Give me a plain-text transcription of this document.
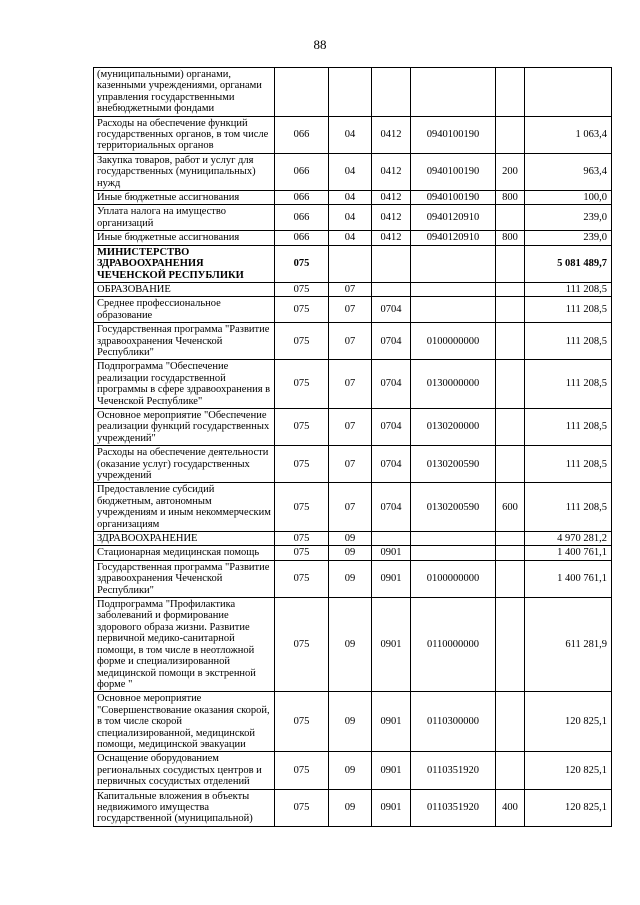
88
(муниципальными) органами, казенными учреждениями, органами управления государственными внебюджетными фондами						
Расходы на обеспечение функций государственных органов, в том числе территориальных органов	066	04	0412	0940100190		1 063,4
Закупка товаров, работ и услуг для государственных (муниципальных) нужд	066	04	0412	0940100190	200	963,4
Иные бюджетные ассигнования	066	04	0412	0940100190	800	100,0
Уплата налога на имущество организаций	066	04	0412	0940120910		239,0
Иные бюджетные ассигнования	066	04	0412	0940120910	800	239,0
МИНИСТЕРСТВО ЗДРАВООХРАНЕНИЯ ЧЕЧЕНСКОЙ РЕСПУБЛИКИ	075					5 081 489,7
ОБРАЗОВАНИЕ	075	07				111 208,5
Среднее профессиональное образование	075	07	0704			111 208,5
Государственная программа "Развитие здравоохранения Чеченской Республики"	075	07	0704	0100000000		111 208,5
Подпрограмма "Обеспечение реализации государственной программы в сфере здравоохранения в Чеченской Республике"	075	07	0704	0130000000		111 208,5
Основное мероприятие "Обеспечение реализации функций государственных учреждений"	075	07	0704	0130200000		111 208,5
Расходы на обеспечение деятельности (оказание услуг) государственных учреждений	075	07	0704	0130200590		111 208,5
Предоставление субсидий бюджетным, автономным учреждениям и иным некоммерческим организациям	075	07	0704	0130200590	600	111 208,5
ЗДРАВООХРАНЕНИЕ	075	09				4 970 281,2
Стационарная медицинская помощь	075	09	0901			1 400 761,1
Государственная программа "Развитие здравоохранения Чеченской Республики"	075	09	0901	0100000000		1 400 761,1
Подпрограмма "Профилактика заболеваний и формирование здорового образа жизни. Развитие первичной медико-санитарной помощи, в том числе в неотложной форме и специализированной медицинской помощи в экстренной форме "	075	09	0901	0110000000		611 281,9
Основное мероприятие "Совершенствование оказания скорой, в том числе скорой специализированной, медицинской помощи, медицинской эвакуации	075	09	0901	0110300000		120 825,1
Оснащение оборудованием региональных сосудистых центров и первичных сосудистых отделений	075	09	0901	0110351920		120 825,1
Капитальные вложения в объекты недвижимого имущества государственной (муниципальной)	075	09	0901	0110351920	400	120 825,1
